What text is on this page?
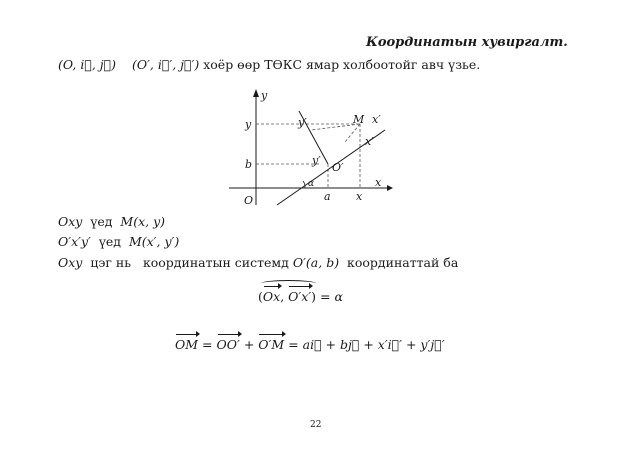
Координатын хувиргалт.
(O, i⃗, j⃗) (O′, i⃗′, j⃗′) хоёр өөр ТӨКС ямар холбоотойг авч үзье.
y
x
O
y
b
a x
M x′
x′
y′
y′
O′
α
Oxy үед M(x, y)
O′x′y′ үед M(x′, y′)
Oxy цэг нь координатын системд O′(a, b) координаттай ба
(Ox, O′x′) = α
OM = OO′ + O′M = ai⃗ + bj⃗ + x′i⃗′ + y′j⃗′
22
